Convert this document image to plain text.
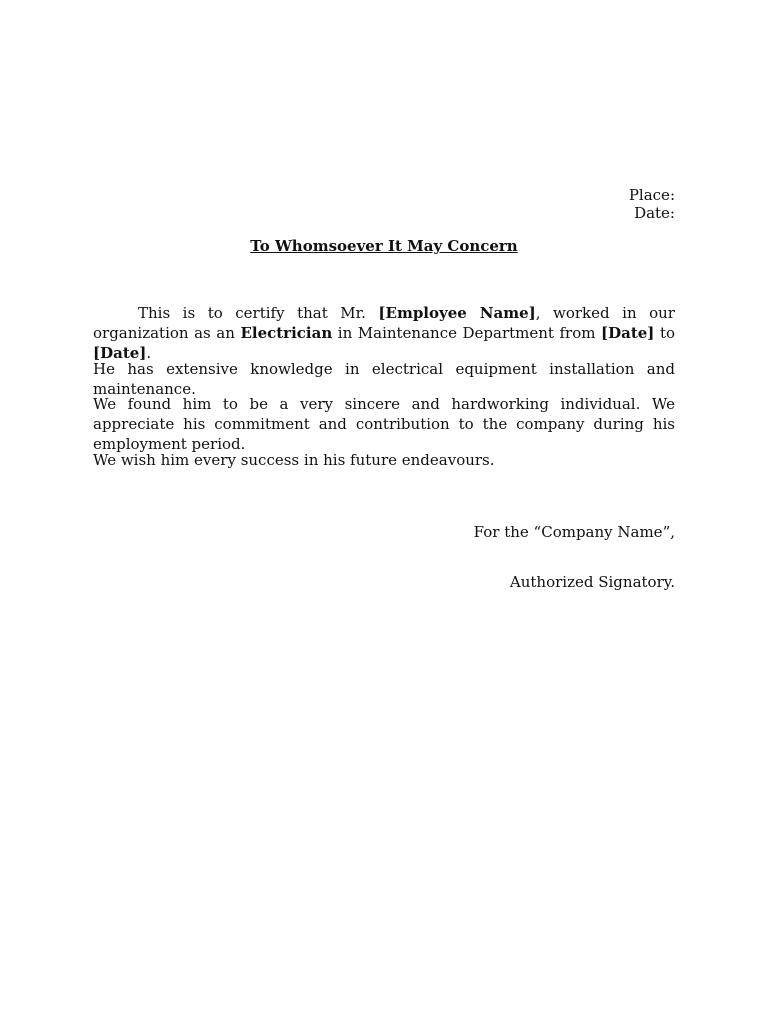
Place:
Date:
To Whomsoever It May Concern
This is to certify that Mr. [Employee Name], worked in our organization as an Electrician in Maintenance Department from [Date] to [Date].
He has extensive knowledge in electrical equipment installation and maintenance.
We found him to be a very sincere and hardworking individual. We appreciate his commitment and contribution to the company during his employment period.
We wish him every success in his future endeavours.
For the “Company Name”,
Authorized Signatory.
